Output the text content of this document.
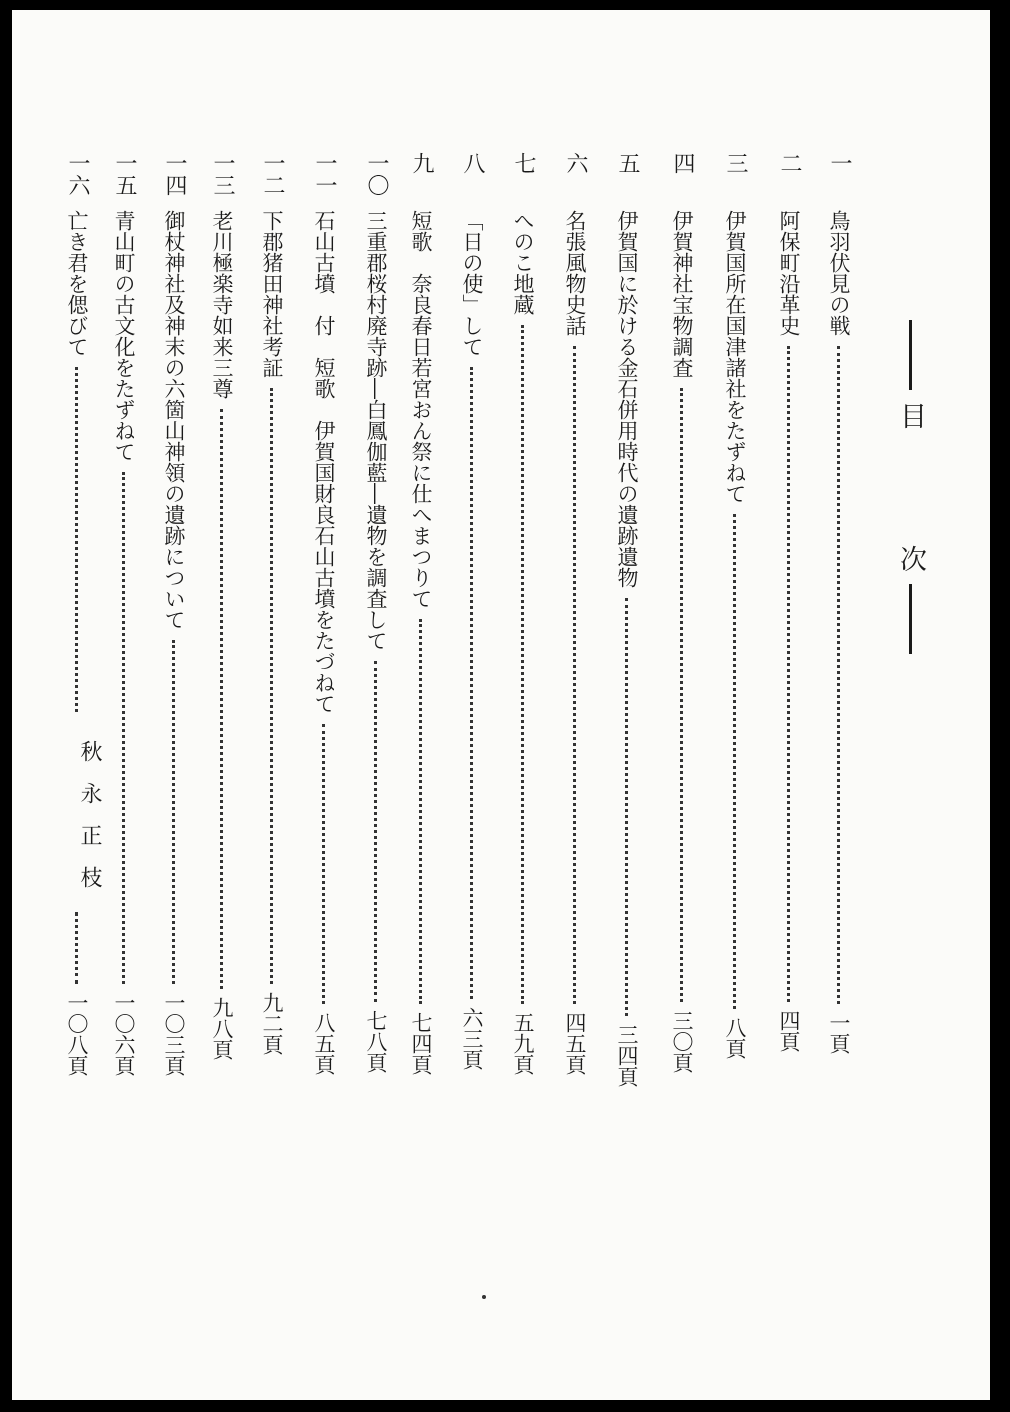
目
次
一
鳥羽伏見の戦
一頁
二
阿保町沿革史
四頁
三
伊賀国所在国津諸社をたずねて
八頁
四
伊賀神社宝物調査
三〇頁
五
伊賀国に於ける金石併用時代の遺跡遺物
三四頁
六
名張風物史話
四五頁
七
へのこ地蔵
五九頁
八
「日の使」して
六三頁
九
短歌　奈良春日若宮おん祭に仕へまつりて
七四頁
一〇
三重郡桜村廃寺跡―白鳳伽藍―遺物を調査して
七八頁
一一
石山古墳　付　短歌　伊賀国財良石山古墳をたづねて
八五頁
一二
下郡猪田神社考証
九二頁
一三
老川極楽寺如来三尊
九八頁
一四
御杖神社及神末の六箇山神領の遺跡について
一〇三頁
一五
青山町の古文化をたずねて
一〇六頁
一六
亡き君を偲びて
一〇八頁
秋永正枝
